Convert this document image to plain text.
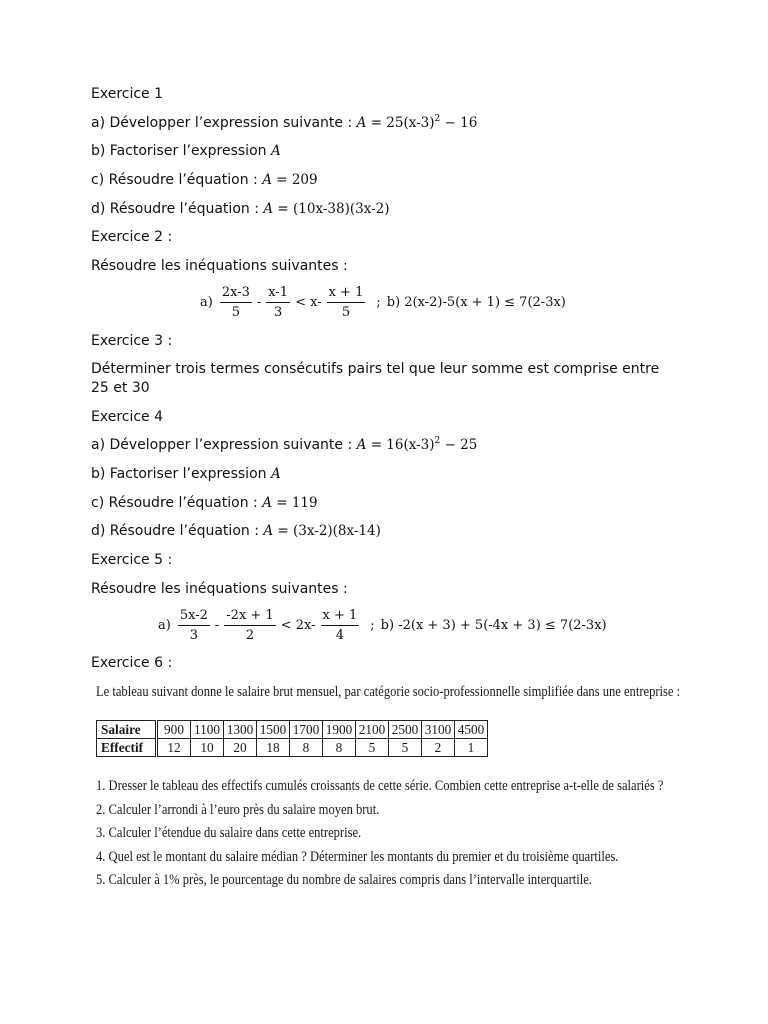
Exercice 1
a) Développer l’expression suivante : $A = 25(x-3)^2 - 16$
b) Factoriser l’expression A
c) Résoudre l’équation : A = 209
d) Résoudre l’équation : A = (10x-38)(3x-2)
Exercice 2 :
Résoudre les inéquations suivantes :
$a) \frac{2x-3}{5} - \frac{x-1}{3} < x- \frac{x + 1}{5}$ ; b) 2(x-2)-5(x + 1) ≤ 7(2-3x)
Exercice 3 :
Déterminer trois termes consécutifs pairs tel que leur somme est comprise entre 25 et 30
Exercice 4
a) Développer l’expression suivante : $A = 16(x-3)^2 - 25$
b) Factoriser l’expression A
c) Résoudre l’équation : A = 119
d) Résoudre l’équation : A = (3x-2)(8x-14)
Exercice 5 :
Résoudre les inéquations suivantes :
$a) \frac{5x-2}{3} - \frac{-2x + 1}{2} < 2x- \frac{x + 1}{4}$ ; b) -2(x + 3) + 5(-4x + 3) ≤ 7(2-3x)
Exercice 6 :
Le tableau suivant donne le salaire brut mensuel, par catégorie socio-professionnelle simplifiée dans une entreprise :
Salaire	900	1100	1300	1500	1700	1900	2100	2500	3100	4500
Effectif	12	10	20	18	8	8	5	5	2	1
1. Dresser le tableau des effectifs cumulés croissants de cette série. Combien cette entreprise a-t-elle de salariés ?
2. Calculer l’arrondi à l’euro près du salaire moyen brut.
3. Calculer l’étendue du salaire dans cette entreprise.
4. Quel est le montant du salaire médian ? Déterminer les montants du premier et du troisième quartiles.
5. Calculer à 1% près, le pourcentage du nombre de salaires compris dans l’intervalle interquartile.
